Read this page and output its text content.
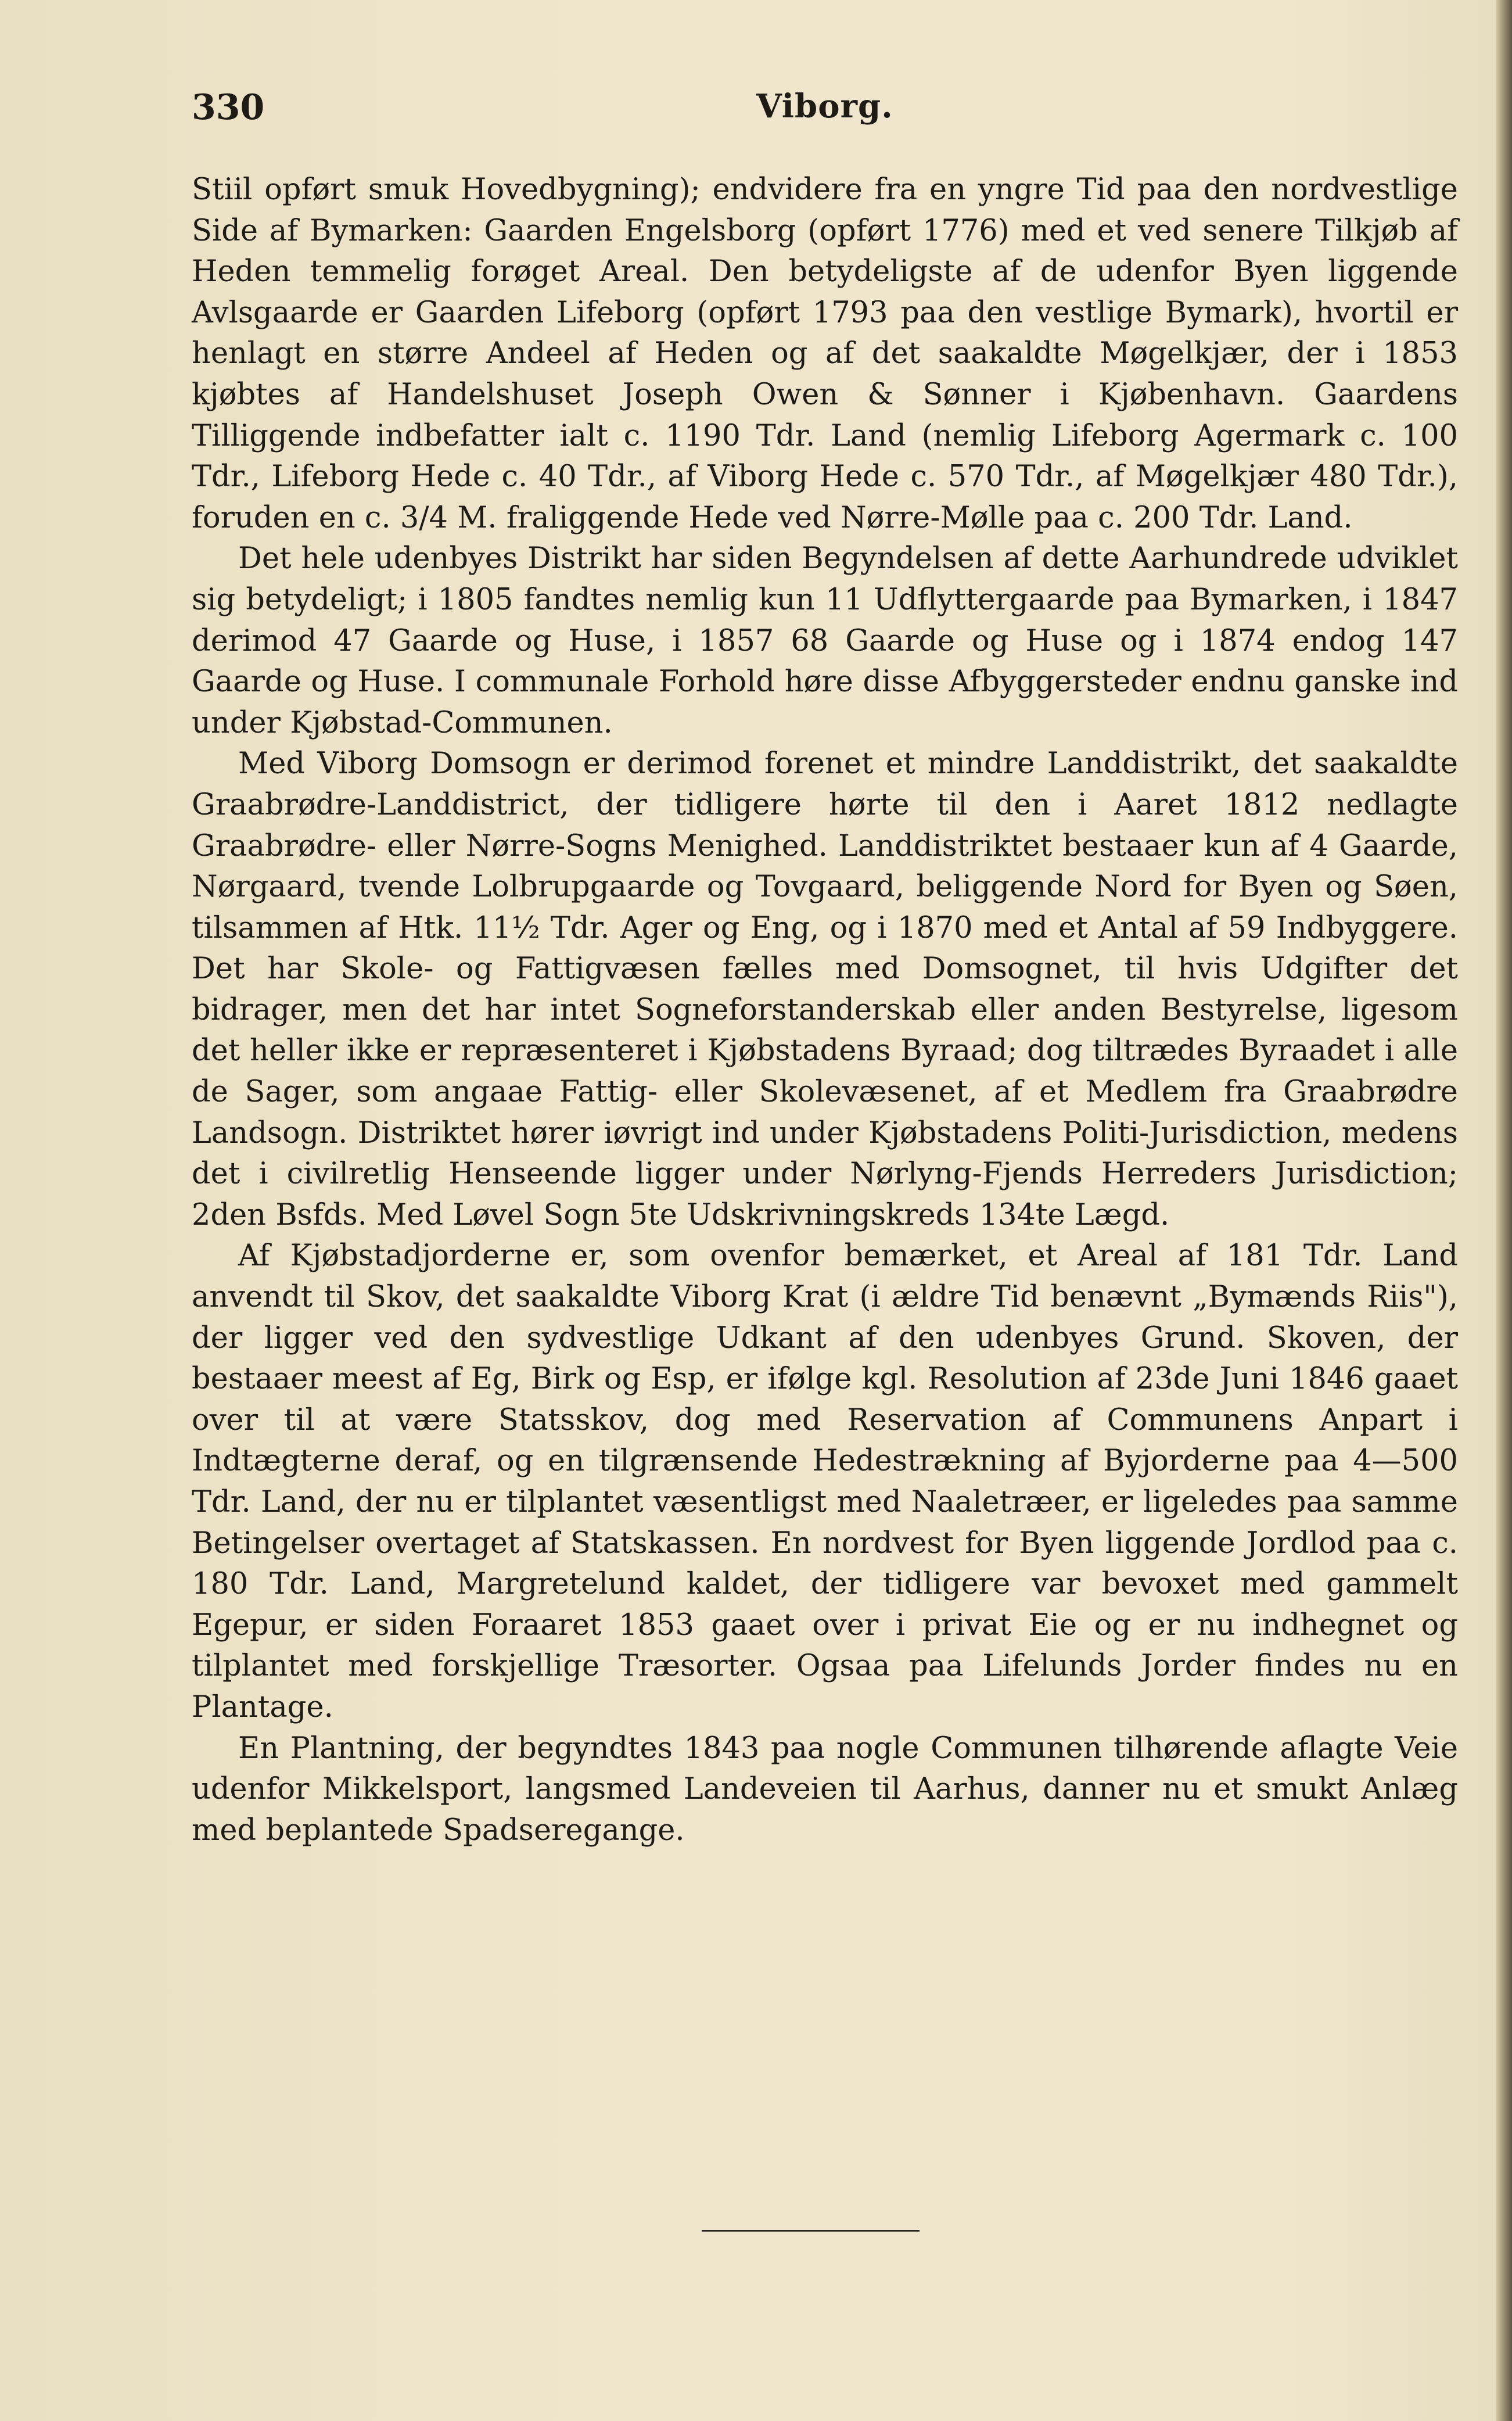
330	Viborg.

Stiil opført smuk Hovedbygning); endvidere fra en yngre Tid paa den nordvestlige Side af Bymarken: Gaarden Engelsborg (opført 1776) med et ved senere Tilkjøb af Heden temmelig forøget Areal. Den betydeligste af de udenfor Byen liggende Avlsgaarde er Gaarden Lifeborg (opført 1793 paa den vestlige Bymark), hvortil er henlagt en større Andeel af Heden og af det saakaldte Møgelkjær, der i 1853 kjøbtes af Handelshuset Joseph Owen & Sønner i Kjøbenhavn. Gaardens Tilliggende indbefatter ialt c. 1190 Tdr. Land (nemlig Lifeborg Agermark c. 100 Tdr., Lifeborg Hede c. 40 Tdr., af Viborg Hede c. 570 Tdr., af Møgelkjær 480 Tdr.), foruden en c. 3/4 M. fraliggende Hede ved Nørre-Mølle paa c. 200 Tdr. Land.

Det hele udenbyes Distrikt har siden Begyndelsen af dette Aarhundrede udviklet sig betydeligt; i 1805 fandtes nemlig kun 11 Udflyttergaarde paa Bymarken, i 1847 derimod 47 Gaarde og Huse, i 1857 68 Gaarde og Huse og i 1874 endog 147 Gaarde og Huse. I communale Forhold høre disse Afbyggersteder endnu ganske ind under Kjøbstad-Communen.

Med Viborg Domsogn er derimod forenet et mindre Landdistrikt, det saakaldte Graabrødre-Landdistrict, der tidligere hørte til den i Aaret 1812 nedlagte Graabrødre- eller Nørre-Sogns Menighed. Landdistriktet bestaaer kun af 4 Gaarde, Nørgaard, tvende Lolbrupgaarde og Tovgaard, beliggende Nord for Byen og Søen, tilsammen af Htk. 11½ Tdr. Ager og Eng, og i 1870 med et Antal af 59 Indbyggere. Det har Skole- og Fattigvæsen fælles med Domsognet, til hvis Udgifter det bidrager, men det har intet Sogneforstanderskab eller anden Bestyrelse, ligesom det heller ikke er repræsenteret i Kjøbstadens Byraad; dog tiltrædes Byraadet i alle de Sager, som angaae Fattig- eller Skolevæsenet, af et Medlem fra Graabrødre Landsogn. Distriktet hører iøvrigt ind under Kjøbstadens Politi-Jurisdiction, medens det i civilretlig Henseende ligger under Nørlyng-Fjends Herreders Jurisdiction; 2den Bsfds. Med Løvel Sogn 5te Udskrivningskreds 134te Lægd.

Af Kjøbstadjorderne er, som ovenfor bemærket, et Areal af 181 Tdr. Land anvendt til Skov, det saakaldte Viborg Krat (i ældre Tid benævnt „Bymænds Riis"), der ligger ved den sydvestlige Udkant af den udenbyes Grund. Skoven, der bestaaer meest af Eg, Birk og Esp, er ifølge kgl. Resolution af 23de Juni 1846 gaaet over til at være Statsskov, dog med Reservation af Communens Anpart i Indtægterne deraf, og en tilgrænsende Hedestrækning af Byjorderne paa 4—500 Tdr. Land, der nu er tilplantet væsentligst med Naaletræer, er ligeledes paa samme Betingelser overtaget af Statskassen. En nordvest for Byen liggende Jordlod paa c. 180 Tdr. Land, Margretelund kaldet, der tidligere var bevoxet med gammelt Egepur, er siden Foraaret 1853 gaaet over i privat Eie og er nu indhegnet og tilplantet med forskjellige Træsorter. Ogsaa paa Lifelunds Jorder findes nu en Plantage.

En Plantning, der begyndtes 1843 paa nogle Communen tilhørende aflagte Veie udenfor Mikkelsport, langsmed Landeveien til Aarhus, danner nu et smukt Anlæg med beplantede Spadseregange.
